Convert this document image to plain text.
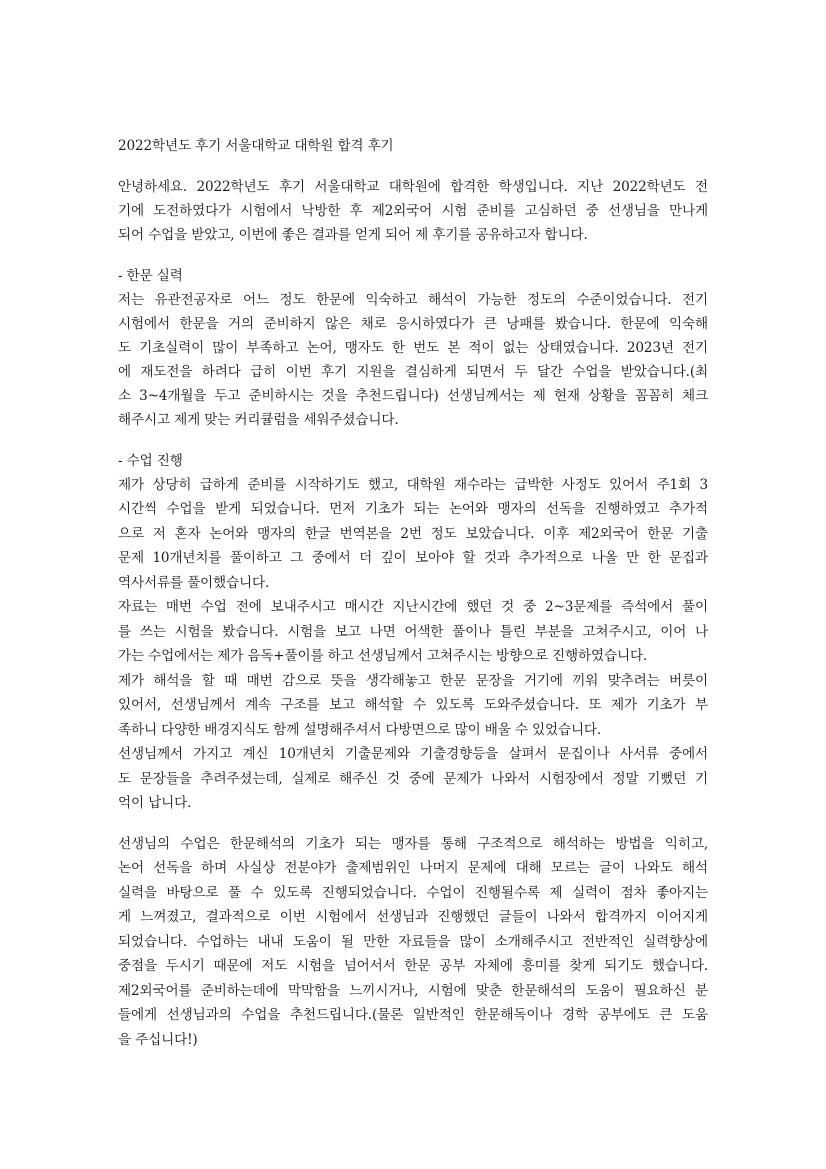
2022학년도 후기 서울대학교 대학원 합격 후기
안녕하세요. 2022학년도 후기 서울대학교 대학원에 합격한 학생입니다. 지난 2022학년도 전
기에 도전하였다가 시험에서 낙방한 후 제2외국어 시험 준비를 고심하던 중 선생님을 만나게
되어 수업을 받았고, 이번에 좋은 결과를 얻게 되어 제 후기를 공유하고자 합니다.
- 한문 실력
저는 유관전공자로 어느 정도 한문에 익숙하고 해석이 가능한 정도의 수준이었습니다. 전기
시험에서 한문을 거의 준비하지 않은 채로 응시하였다가 큰 낭패를 봤습니다. 한문에 익숙해
도 기초실력이 많이 부족하고 논어, 맹자도 한 번도 본 적이 없는 상태였습니다. 2023년 전기
에 재도전을 하려다 급히 이번 후기 지원을 결심하게 되면서 두 달간 수업을 받았습니다.(최
소 3~4개월을 두고 준비하시는 것을 추천드립니다) 선생님께서는 제 현재 상황을 꼼꼼히 체크
해주시고 제게 맞는 커리큘럼을 세워주셨습니다.
- 수업 진행
제가 상당히 급하게 준비를 시작하기도 했고, 대학원 재수라는 급박한 사정도 있어서 주1회 3
시간씩 수업을 받게 되었습니다. 먼저 기초가 되는 논어와 맹자의 선독을 진행하였고 추가적
으로 저 혼자 논어와 맹자의 한글 번역본을 2번 정도 보았습니다. 이후 제2외국어 한문 기출
문제 10개년치를 풀이하고 그 중에서 더 깊이 보아야 할 것과 추가적으로 나올 만 한 문집과
역사서류를 풀이했습니다.
자료는 매번 수업 전에 보내주시고 매시간 지난시간에 했던 것 중 2~3문제를 즉석에서 풀이
를 쓰는 시험을 봤습니다. 시험을 보고 나면 어색한 풀이나 틀린 부분을 고쳐주시고, 이어 나
가는 수업에서는 제가 음독+풀이를 하고 선생님께서 고쳐주시는 방향으로 진행하였습니다.
제가 해석을 할 때 매번 감으로 뜻을 생각해놓고 한문 문장을 거기에 끼워 맞추려는 버릇이
있어서, 선생님께서 계속 구조를 보고 해석할 수 있도록 도와주셨습니다. 또 제가 기초가 부
족하니 다양한 배경지식도 함께 설명해주셔서 다방면으로 많이 배울 수 있었습니다.
선생님께서 가지고 계신 10개년치 기출문제와 기출경향등을 살펴서 문집이나 사서류 중에서
도 문장들을 추려주셨는데, 실제로 해주신 것 중에 문제가 나와서 시험장에서 정말 기뻤던 기
억이 납니다.
선생님의 수업은 한문해석의 기초가 되는 맹자를 통해 구조적으로 해석하는 방법을 익히고,
논어 선독을 하며 사실상 전분야가 출제범위인 나머지 문제에 대해 모르는 글이 나와도 해석
실력을 바탕으로 풀 수 있도록 진행되었습니다. 수업이 진행될수록 제 실력이 점차 좋아지는
게 느껴졌고, 결과적으로 이번 시험에서 선생님과 진행했던 글들이 나와서 합격까지 이어지게
되었습니다. 수업하는 내내 도움이 될 만한 자료들을 많이 소개해주시고 전반적인 실력향상에
중점을 두시기 때문에 저도 시험을 넘어서서 한문 공부 자체에 흥미를 찾게 되기도 했습니다.
제2외국어를 준비하는데에 막막함을 느끼시거나, 시험에 맞춘 한문해석의 도움이 필요하신 분
들에게 선생님과의 수업을 추천드립니다.(물론 일반적인 한문해독이나 경학 공부에도 큰 도움
을 주십니다!)
